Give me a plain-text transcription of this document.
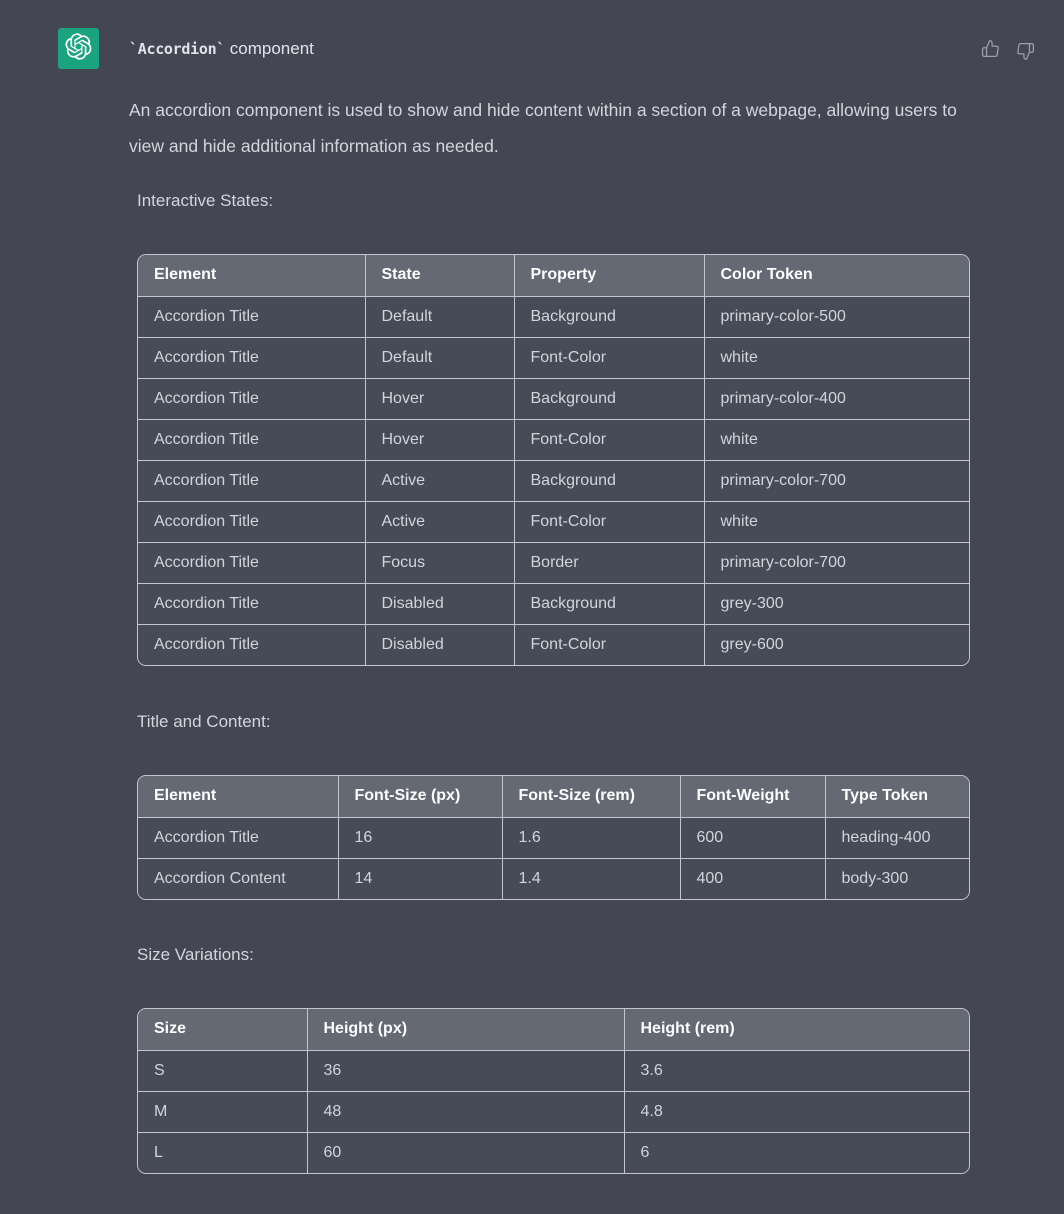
`Accordion` component

An accordion component is used to show and hide content within a section of a webpage, allowing users to view and hide additional information as needed.

Interactive States:
Element	State	Property	Color Token
Accordion Title	Default	Background	primary-color-500
Accordion Title	Default	Font-Color	white
Accordion Title	Hover	Background	primary-color-400
Accordion Title	Hover	Font-Color	white
Accordion Title	Active	Background	primary-color-700
Accordion Title	Active	Font-Color	white
Accordion Title	Focus	Border	primary-color-700
Accordion Title	Disabled	Background	grey-300
Accordion Title	Disabled	Font-Color	grey-600
Title and Content:
Element	Font-Size (px)	Font-Size (rem)	Font-Weight	Type Token
Accordion Title	16	1.6	600	heading-400
Accordion Content	14	1.4	400	body-300
Size Variations:
Size	Height (px)	Height (rem)
S	36	3.6
M	48	4.8
L	60	6
